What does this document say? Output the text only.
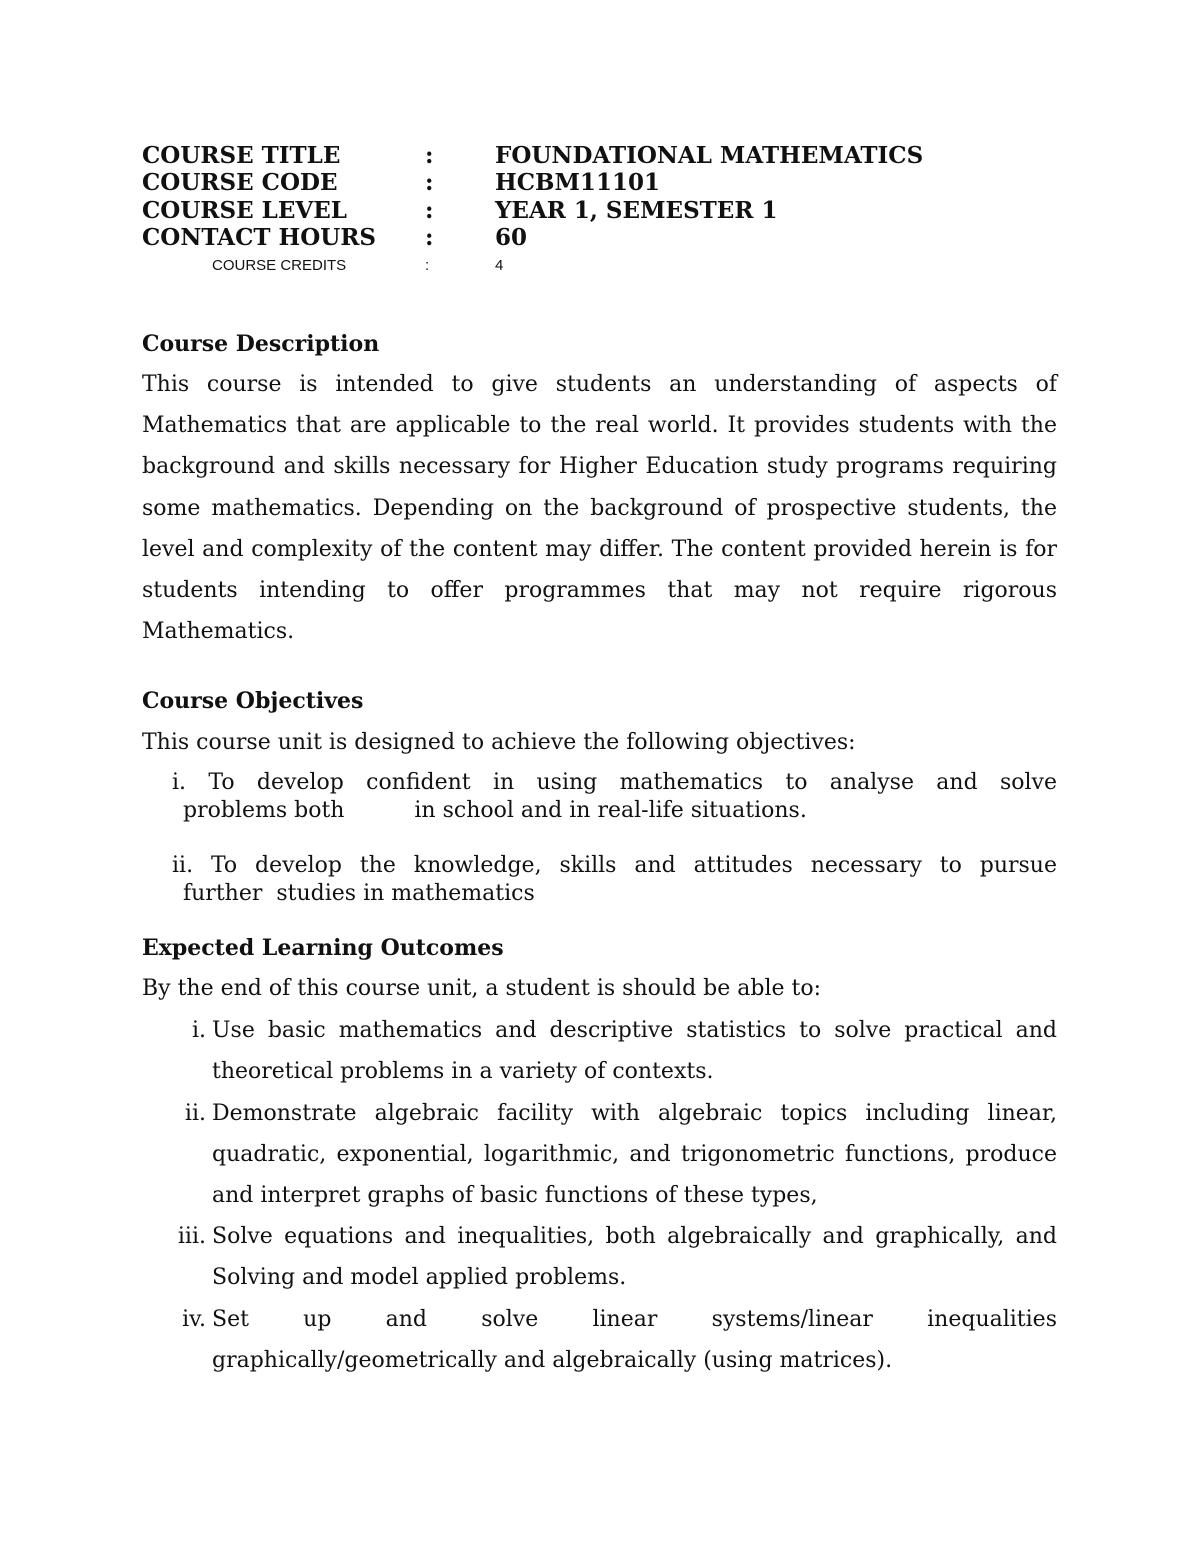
COURSE TITLE	:	FOUNDATIONAL MATHEMATICS
COURSE CODE	:	HCBM11101
COURSE LEVEL	:	YEAR 1, SEMESTER 1
CONTACT HOURS :	60
COURSE CREDITS	:	4
Course Description
This course is intended to give students an understanding of aspects of Mathematics that are applicable to the real world. It provides students with the background and skills necessary for Higher Education study programs requiring some mathematics. Depending on the background of prospective students, the level and complexity of the content may differ. The content provided herein is for students intending to offer programmes that may not require rigorous Mathematics.
Course Objectives
This course unit is designed to achieve the following objectives:
i. To develop confident in using mathematics to analyse and solve
problems both          in school and in real-life situations.
ii. To develop the knowledge, skills and attitudes necessary to pursue
further  studies in mathematics
Expected Learning Outcomes
By the end of this course unit, a student is should be able to:
i. Use basic mathematics and descriptive statistics to solve practical and theoretical problems in a variety of contexts.
ii. Demonstrate algebraic facility with algebraic topics including linear, quadratic, exponential, logarithmic, and trigonometric functions, produce and interpret graphs of basic functions of these types,
iii. Solve equations and inequalities, both algebraically and graphically, and Solving and model applied problems.
iv. Set up and solve linear systems/linear inequalities graphically/geometrically and algebraically (using matrices).
